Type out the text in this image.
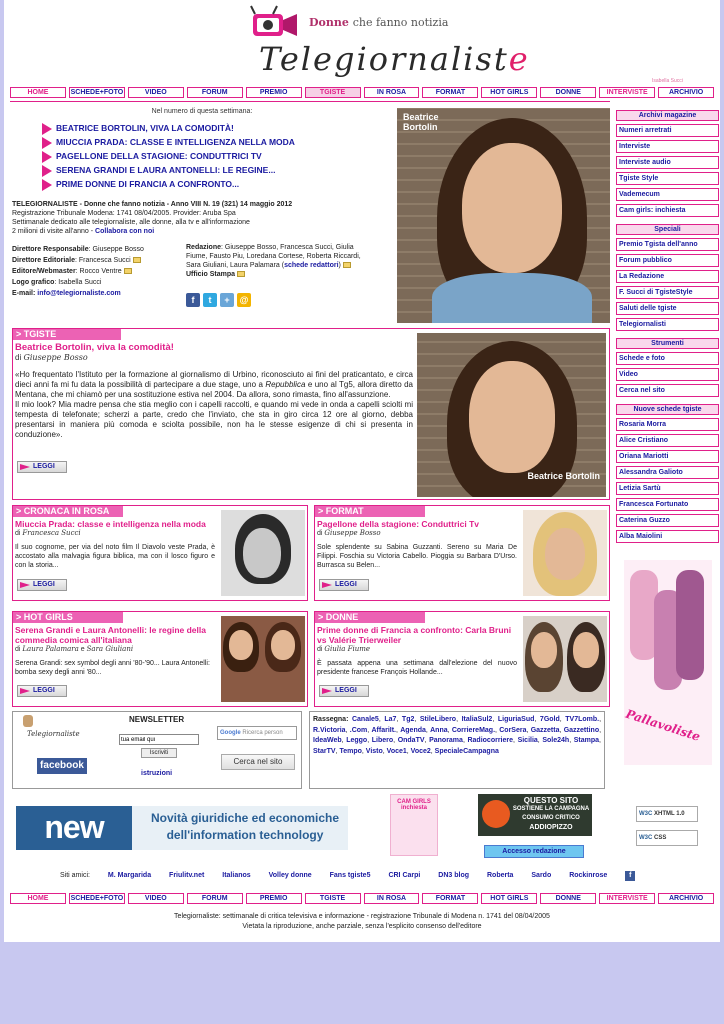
Donne che fanno notizia
Telegiornaliste
Isabella Succi
HOME	SCHEDE+FOTO	VIDEO	FORUM	PREMIO	TGISTE	IN ROSA	FORMAT	HOT GIRLS	DONNE	INTERVISTE	ARCHIVIO
Nel numero di questa settimana:
BEATRICE BORTOLIN, VIVA LA COMODITÀ!
MIUCCIA PRADA: CLASSE E INTELLIGENZA NELLA MODA
PAGELLONE DELLA STAGIONE: CONDUTTRICI TV
SERENA GRANDI E LAURA ANTONELLI: LE REGINE...
PRIME DONNE DI FRANCIA A CONFRONTO...
TELEGIORNALISTE - Donne che fanno notizia - Anno VIII N. 19 (321) 14 maggio 2012
Registrazione Tribunale Modena: 1741 08/04/2005. Provider: Aruba Spa
Settimanale dedicato alle telegiornaliste, alle donne, alla tv e all'informazione
2 milioni di visite all'anno - Collabora con noi
Direttore Responsabile: Giuseppe Bosso
Direttore Editoriale: Francesca Succi
Editore/Webmaster: Rocco Ventre
Logo grafico: Isabella Succi
E-mail: info@telegiornaliste.com
Redazione: Giuseppe Bosso, Francesca Succi, Giulia Fiume, Fausto Piu, Loredana Cortese, Roberta Riccardi, Sara Giuliani, Laura Palamara (schede redattori)
Ufficio Stampa
f	t	+	@
Beatrice Bortolin
> TGISTE
Beatrice Bortolin, viva la comodità!
di Giuseppe Bosso
«Ho frequentato l'Istituto per la formazione al giornalismo di Urbino, riconosciuto ai fini del praticantato, e circa dieci anni fa mi fu data la possibilità di partecipare a due stage, uno a Repubblica e uno al Tg5, allora diretto da Mentana, che mi chiamò per una sostituzione estiva nel 2004. Da allora, sono rimasta, fino all'assunzione.
Il mio look? Mia madre pensa che stia meglio con i capelli raccolti, e quando mi vede in onda a capelli sciolti mi tempesta di telefonate; scherzi a parte, credo che l'inviato, che sta in giro circa 12 ore al giorno, debba presentarsi in maniera più comoda e sciolta possibile, non ha le stesse esigenze di chi si presenta in conduzione».
LEGGI
Beatrice Bortolin
> CRONACA IN ROSA
Miuccia Prada: classe e intelligenza nella moda
di Francesca Succi
Il suo cognome, per via del noto film Il Diavolo veste Prada, è accostato alla malvagia figura biblica, ma con il losco figuro e con la storia...
LEGGI
> FORMAT
Pagellone della stagione: Conduttrici Tv
di Giuseppe Bosso
Sole splendente su Sabina Guzzanti. Sereno su Maria De Filippi. Foschia su Victoria Cabello. Pioggia su Barbara D'Urso. Burrasca su Belen...
LEGGI
> HOT GIRLS
Serena Grandi e Laura Antonelli: le regine della commedia comica all'italiana
di Laura Palamara e Sara Giuliani
Serena Grandi: sex symbol degli anni '80-'90... Laura Antonelli: bomba sexy degli anni '80...
LEGGI
> DONNE
Prime donne di Francia a confronto: Carla Bruni vs Valérie Trierweiler
di Giulia Fiume
È passata appena una settimana dall'elezione del nuovo presidente francese François Hollande...
LEGGI
Archivi magazine
Numeri arretrati
Interviste
Interviste audio
Tgiste Style
Vademecum
Cam girls: inchiesta
Speciali
Premio Tgista dell'anno
Forum pubblico
La Redazione
F. Succi di TgisteStyle
Saluti delle tgiste
Telegiornalisti
Strumenti
Schede e foto
Video
Cerca nel sito
Nuove schede tgiste
Rosaria Morra
Alice Cristiano
Oriana Mariotti
Alessandra Galioto
Letizia Sartù
Francesca Fortunato
Caterina Guzzo
Alba Maiolini
Pallavoliste
Telegiornaliste
facebook
NEWSLETTER
tua email qui
Iscriviti
istruzioni
Google Ricerca person
Cerca nel sito
Rassegna: Canale5, La7, Tg2, StileLibero, ItaliaSul2, LiguriaSud, 7Gold, TV7Lomb., R.Victoria, .Com, AffariIt., Agenda, Anna, CorriereMag., CorSera, Gazzetta, Gazzettino, IdeaWeb, Leggo, Libero, OndaTV, Panorama, Radiocorriere, Sicilia, Sole24h, Stampa, StarTV, Tempo, Visto, Voce1, Voce2, SpecialeCampagna
new	Novità giuridiche ed economiche dell'information technology
CAM GIRLS inchiesta
QUESTO SITO
SOSTIENE LA CAMPAGNA
CONSUMO CRITICO
ADDIOPIZZO
Accesso redazione
W3C XHTML 1.0
W3C CSS
Siti amici:	M. Margarida	Friulitv.net	Italianos	Volley donne	Fans tgiste5	CRI Carpi	DN3 blog	Roberta	Sardo	Rockinrose	f
HOME	SCHEDE+FOTO	VIDEO	FORUM	PREMIO	TGISTE	IN ROSA	FORMAT	HOT GIRLS	DONNE	INTERVISTE	ARCHIVIO
Telegiornaliste: settimanale di critica televisiva e informazione - registrazione Tribunale di Modena n. 1741 del 08/04/2005
Vietata la riproduzione, anche parziale, senza l'esplicito consenso dell'editore
